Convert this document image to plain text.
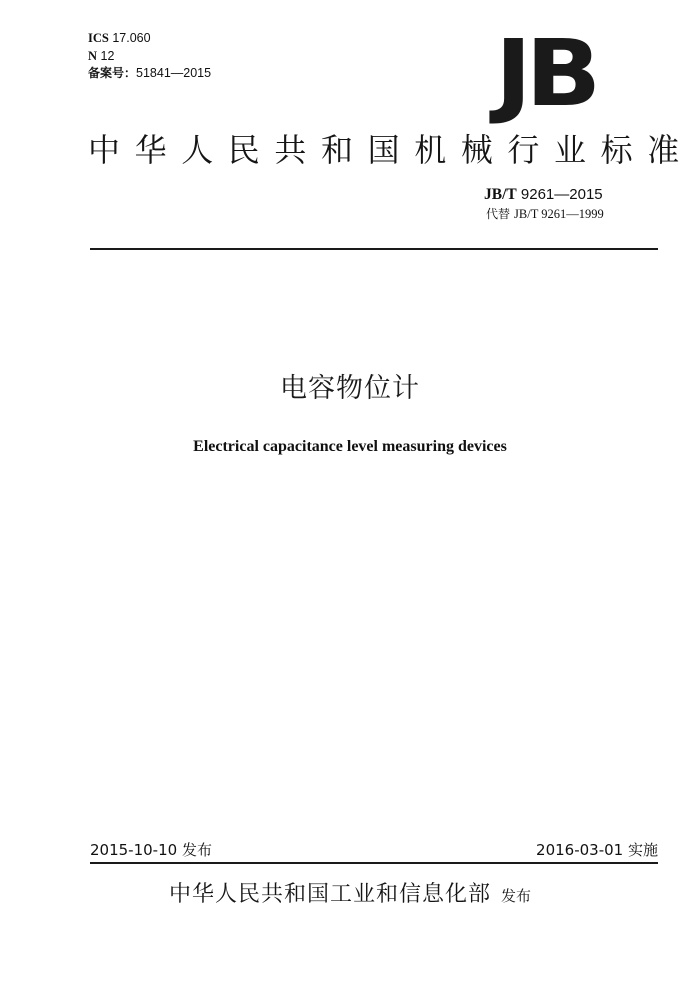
ICS 17.060
N 12
备案号：51841—2015	JB
中华人民共和国机械行业标准
JB/T 9261—2015
代替 JB/T 9261—1999
电容物位计
Electrical capacitance level measuring devices
2015-10-10 发布	2016-03-01 实施
中华人民共和国工业和信息化部 发布
